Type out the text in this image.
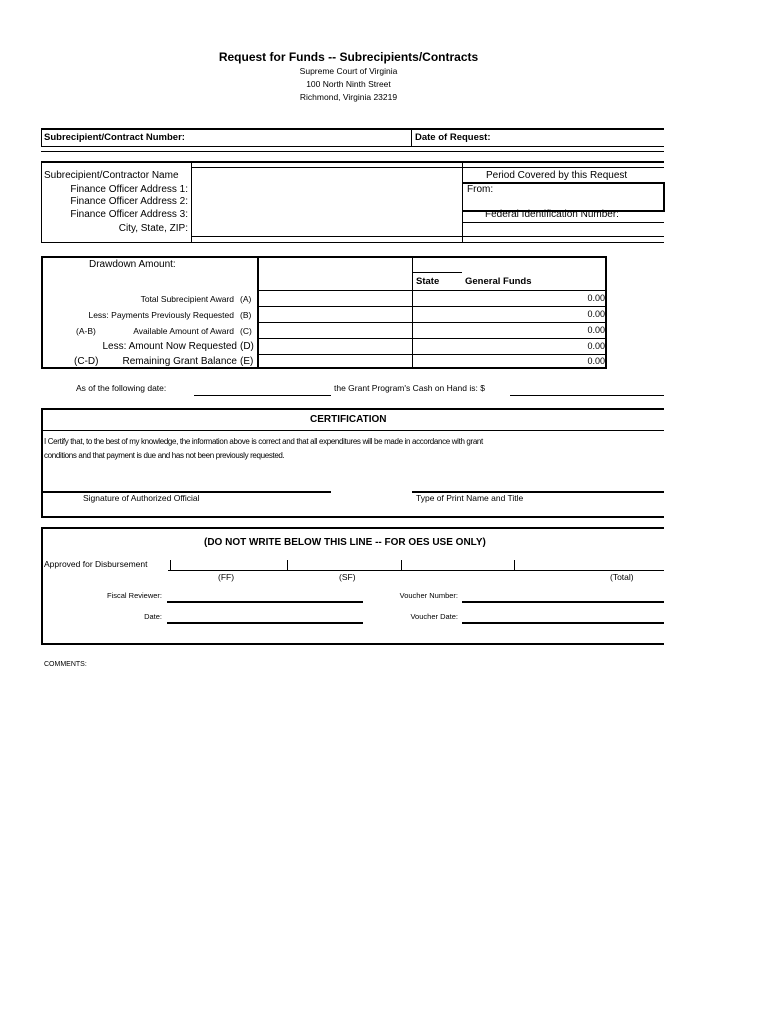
Request for Funds -- Subrecipients/Contracts
Supreme Court of Virginia
100 North Ninth Street
Richmond, Virginia 23219
Subrecipient/Contract Number:	Date of Request:
Subrecipient/Contractor Name
Finance Officer Address 1:
Finance Officer Address 2:
Finance Officer Address 3:
City, State, ZIP:
Period Covered by this Request
From:
Federal Identification Number:
Drawdown Amount:
State	General Funds
Total Subrecipient Award (A)	0.00
Less: Payments Previously Requested (B)	0.00
(A-B)	Available Amount of Award (C)	0.00
Less: Amount Now Requested (D)	0.00
(C-D)	Remaining Grant Balance (E)	0.00
As of the following date:	the Grant Program's Cash on Hand is: $
CERTIFICATION
I Certify that, to the best of my knowledge, the information above is correct and that all expenditures will be made in accordance with grant
conditions and that payment is due and has not been previously requested.
Signature of Authorized Official	Type of Print Name and Title
(DO NOT WRITE BELOW THIS LINE -- FOR OES USE ONLY)
Approved for Disbursement
(FF)	(SF)	(Total)
Fiscal Reviewer:	Voucher Number:
Date:	Voucher Date:
COMMENTS:
